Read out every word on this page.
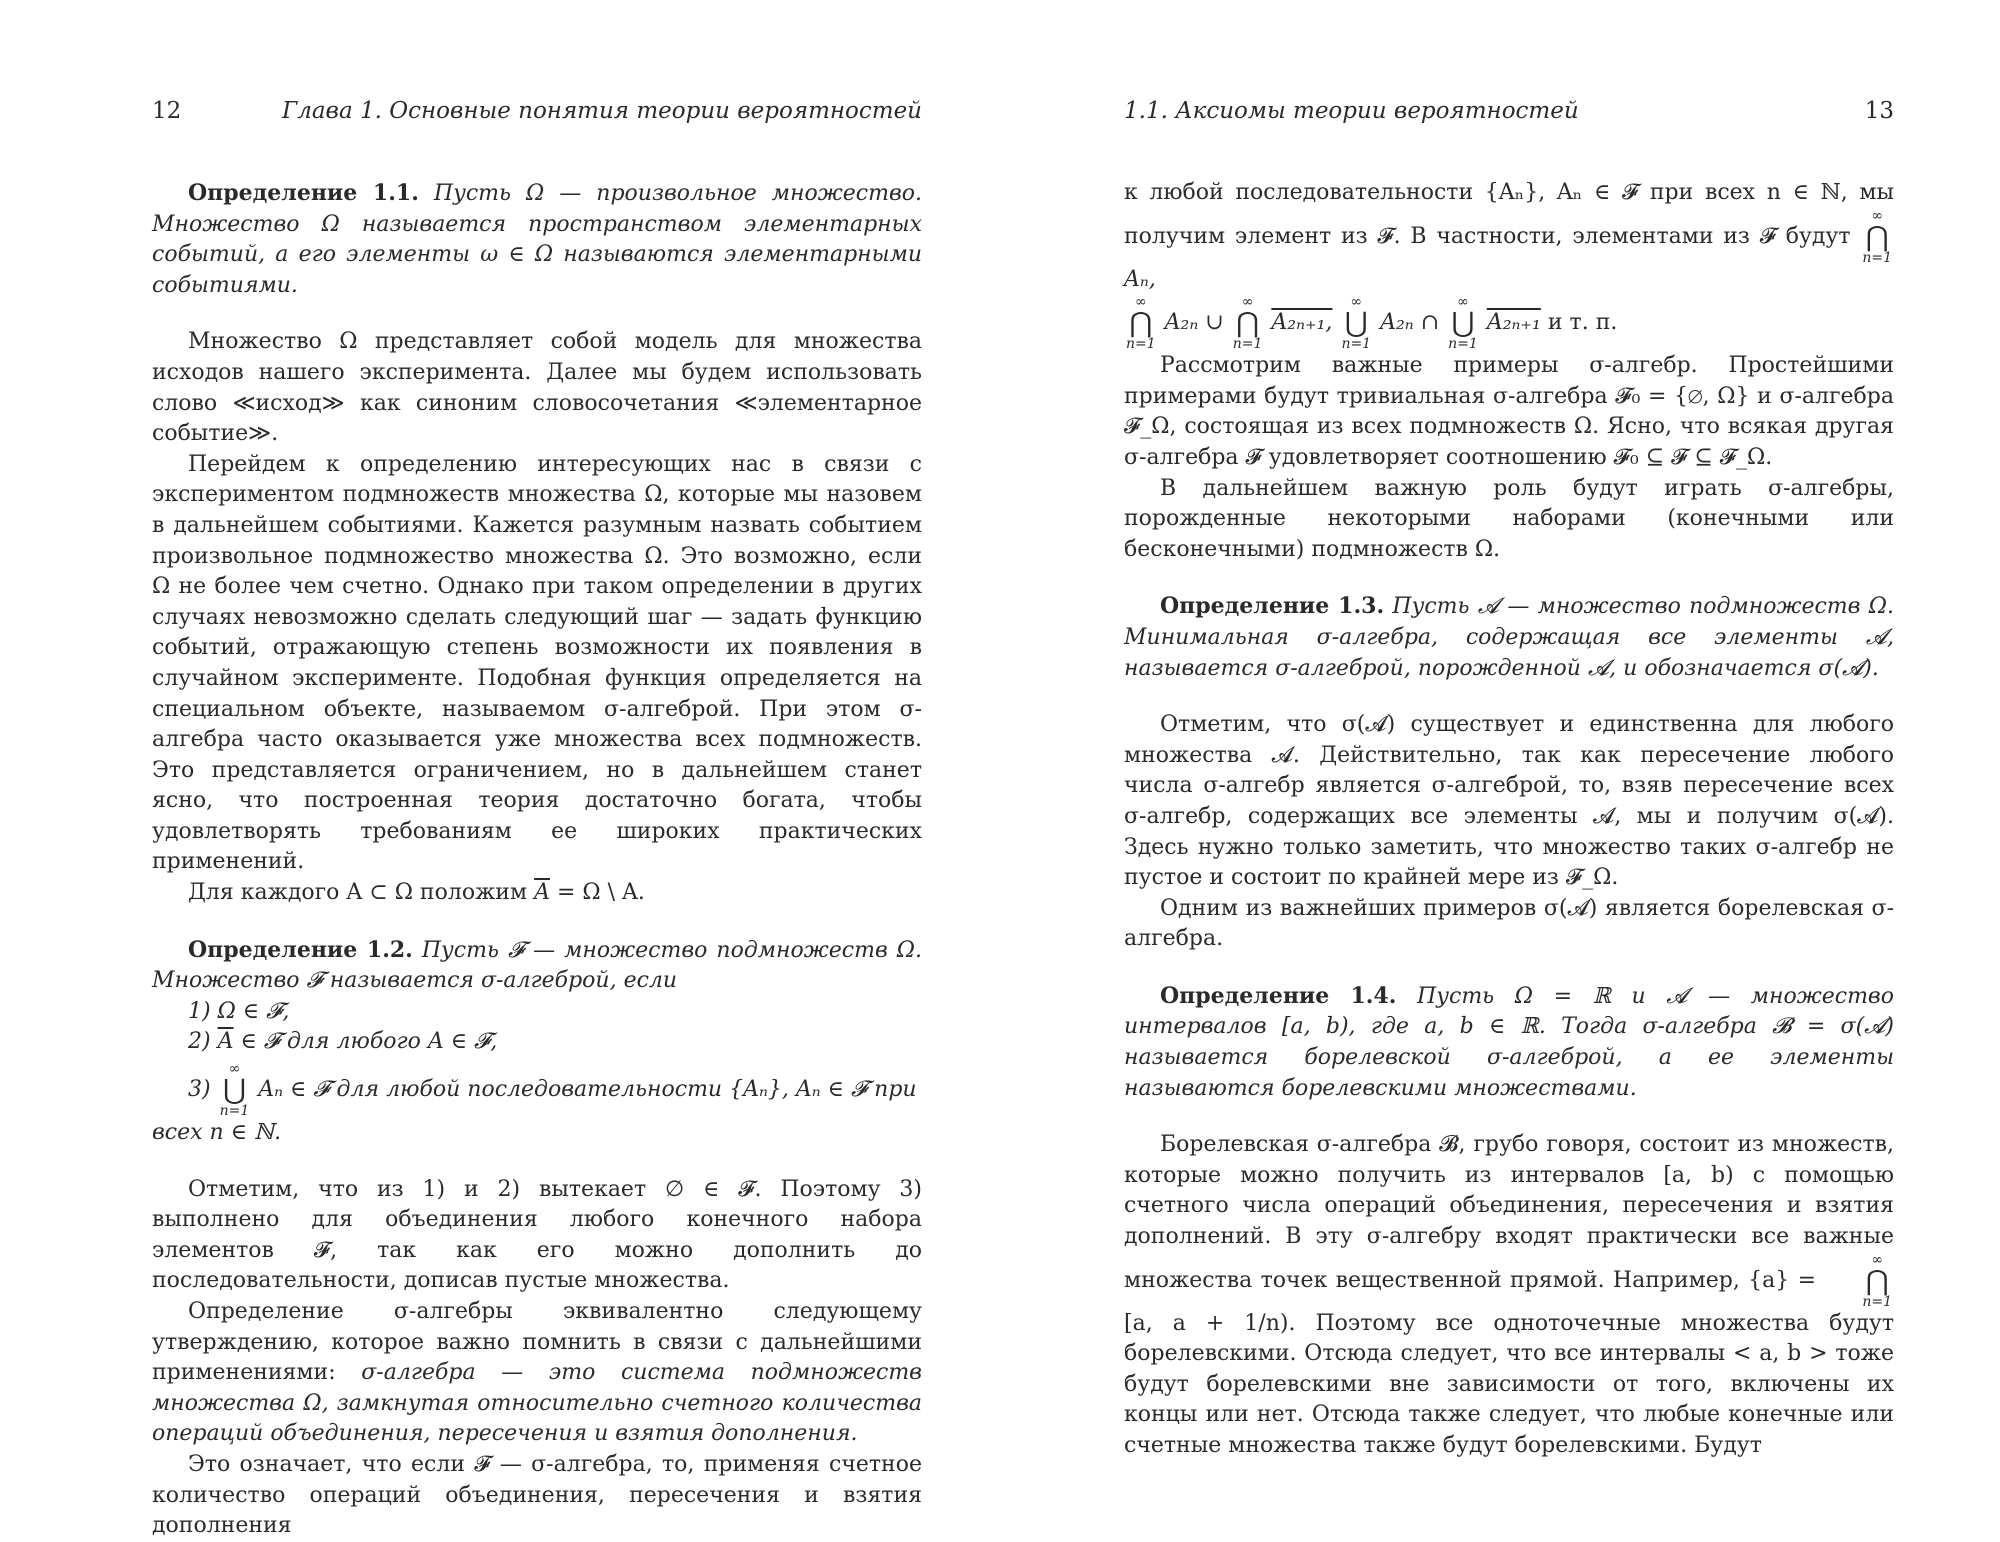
12	Глава 1. Основные понятия теории вероятностей

Определение 1.1. Пусть Ω — произвольное множество. Множество Ω называется пространством элементарных событий, а его элементы ω ∈ Ω называются элементарными событиями.

Множество Ω представляет собой модель для множества исходов нашего эксперимента. Далее мы будем использовать слово ≪исход≫ как синоним словосочетания ≪элементарное событие≫.

Перейдем к определению интересующих нас в связи с экспериментом подмножеств множества Ω, которые мы назовем в дальнейшем событиями. Кажется разумным назвать событием произвольное подмножество множества Ω. Это возможно, если Ω не более чем счетно. Однако при таком определении в других случаях невозможно сделать следующий шаг — задать функцию событий, отражающую степень возможности их появления в случайном эксперименте. Подобная функция определяется на специальном объекте, называемом σ-алгеброй. При этом σ-алгебра часто оказывается уже множества всех подмножеств. Это представляется ограничением, но в дальнейшем станет ясно, что построенная теория достаточно богата, чтобы удовлетворять требованиям ее широких практических применений.

Для каждого A ⊂ Ω положим $\overline{A} = \Omega$ \ A.

Определение 1.2. Пусть 𝓕 — множество подмножеств Ω. Множество 𝓕 называется σ-алгеброй, если

1) Ω ∈ 𝓕,

2) $\overline{A}$ ∈ 𝓕 для любого A ∈ 𝓕,

3)
∞
⋃
n=1
Aₙ ∈ 𝓕 для любой последовательности {Aₙ}, Aₙ ∈ 𝓕 при

всех n ∈ ℕ.

Отметим, что из 1) и 2) вытекает ∅ ∈ 𝓕. Поэтому 3) выполнено для объединения любого конечного набора элементов 𝓕, так как его можно дополнить до последовательности, дописав пустые множества.

Определение σ-алгебры эквивалентно следующему утверждению, которое важно помнить в связи с дальнейшими применениями: σ-алгебра — это система подмножеств множества Ω, замкнутая относительно счетного количества операций объединения, пересечения и взятия дополнения.

Это означает, что если 𝓕 — σ-алгебра, то, применяя счетное количество операций объединения, пересечения и взятия дополнения

1.1. Аксиомы теории вероятностей	13

к любой последовательности {Aₙ}, Aₙ ∈ 𝓕 при всех n ∈ ℕ, мы получим элемент из 𝓕. В частности, элементами из 𝓕 будут
∞
⋂
n=1
Aₙ,

∞
⋂
n=1
A₂ₙ ∪
∞
⋂
n=1
A₂ₙ₊₁,
∞
⋃
n=1
A₂ₙ ∩
∞
⋃
n=1
A₂ₙ₊₁ и т. п.

Рассмотрим важные примеры σ-алгебр. Простейшими примерами будут тривиальная σ-алгебра 𝓕₀ = {∅, Ω} и σ-алгебра 𝓕_Ω, состоящая из всех подмножеств Ω. Ясно, что всякая другая σ-алгебра 𝓕 удовлетворяет соотношению 𝓕₀ ⊆ 𝓕 ⊆ 𝓕_Ω.

В дальнейшем важную роль будут играть σ-алгебры, порожденные некоторыми наборами (конечными или бесконечными) подмножеств Ω.

Определение 1.3. Пусть 𝓐 — множество подмножеств Ω. Минимальная σ-алгебра, содержащая все элементы 𝓐, называется σ-алгеброй, порожденной 𝓐, и обозначается σ(𝓐).

Отметим, что σ(𝓐) существует и единственна для любого множества 𝓐. Действительно, так как пересечение любого числа σ-алгебр является σ-алгеброй, то, взяв пересечение всех σ-алгебр, содержащих все элементы 𝓐, мы и получим σ(𝓐). Здесь нужно только заметить, что множество таких σ-алгебр не пустое и состоит по крайней мере из 𝓕_Ω.

Одним из важнейших примеров σ(𝓐) является борелевская σ-алгебра.

Определение 1.4. Пусть Ω = ℝ и 𝓐 — множество интервалов [a, b), где a, b ∈ ℝ. Тогда σ-алгебра 𝓑 = σ(𝓐) называется борелевской σ-алгеброй, а ее элементы называются борелевскими множествами.

Борелевская σ-алгебра 𝓑, грубо говоря, состоит из множеств, которые можно получить из интервалов [a, b) с помощью счетного числа операций объединения, пересечения и взятия дополнений. В эту σ-алгебру входят практически все важные множества точек вещественной прямой. Например, {a} =
∞
⋂
n=1
[a, a + 1/n). Поэтому все одноточечные множества будут борелевскими. Отсюда следует, что все интервалы < a, b > тоже будут борелевскими вне зависимости от того, включены их концы или нет. Отсюда также следует, что любые конечные или счетные множества также будут борелевскими. Будут
